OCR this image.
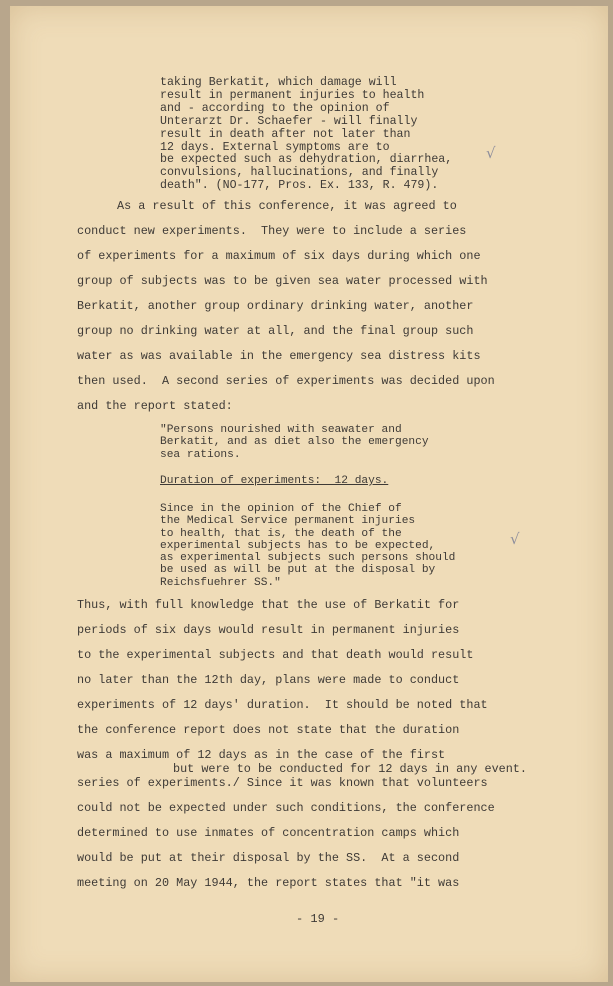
taking Berkatit, which damage will
result in permanent injuries to health
and - according to the opinion of
Unterarzt Dr. Schaefer - will finally
result in death after not later than
12 days. External symptoms are to
be expected such as dehydration, diarrhea,
convulsions, hallucinations, and finally
death". (NO-177, Pros. Ex. 133, R. 479).
√
As a result of this conference, it was agreed to
conduct new experiments.  They were to include a series
of experiments for a maximum of six days during which one
group of subjects was to be given sea water processed with
Berkatit, another group ordinary drinking water, another
group no drinking water at all, and the final group such
water as was available in the emergency sea distress kits
then used.  A second series of experiments was decided upon
and the report stated:
"Persons nourished with seawater and
Berkatit, and as diet also the emergency
sea rations.
Duration of experiments:  12 days.
Since in the opinion of the Chief of
the Medical Service permanent injuries
to health, that is, the death of the
experimental subjects has to be expected,
as experimental subjects such persons should
be used as will be put at the disposal by
Reichsfuehrer SS."
√
Thus, with full knowledge that the use of Berkatit for
periods of six days would result in permanent injuries
to the experimental subjects and that death would result
no later than the 12th day, plans were made to conduct
experiments of 12 days' duration.  It should be noted that
the conference report does not state that the duration
was a maximum of 12 days as in the case of the first
but were to be conducted for 12 days in any event.
series of experiments./ Since it was known that volunteers
could not be expected under such conditions, the conference
determined to use inmates of concentration camps which
would be put at their disposal by the SS.  At a second
meeting on 20 May 1944, the report states that "it was
- 19 -
